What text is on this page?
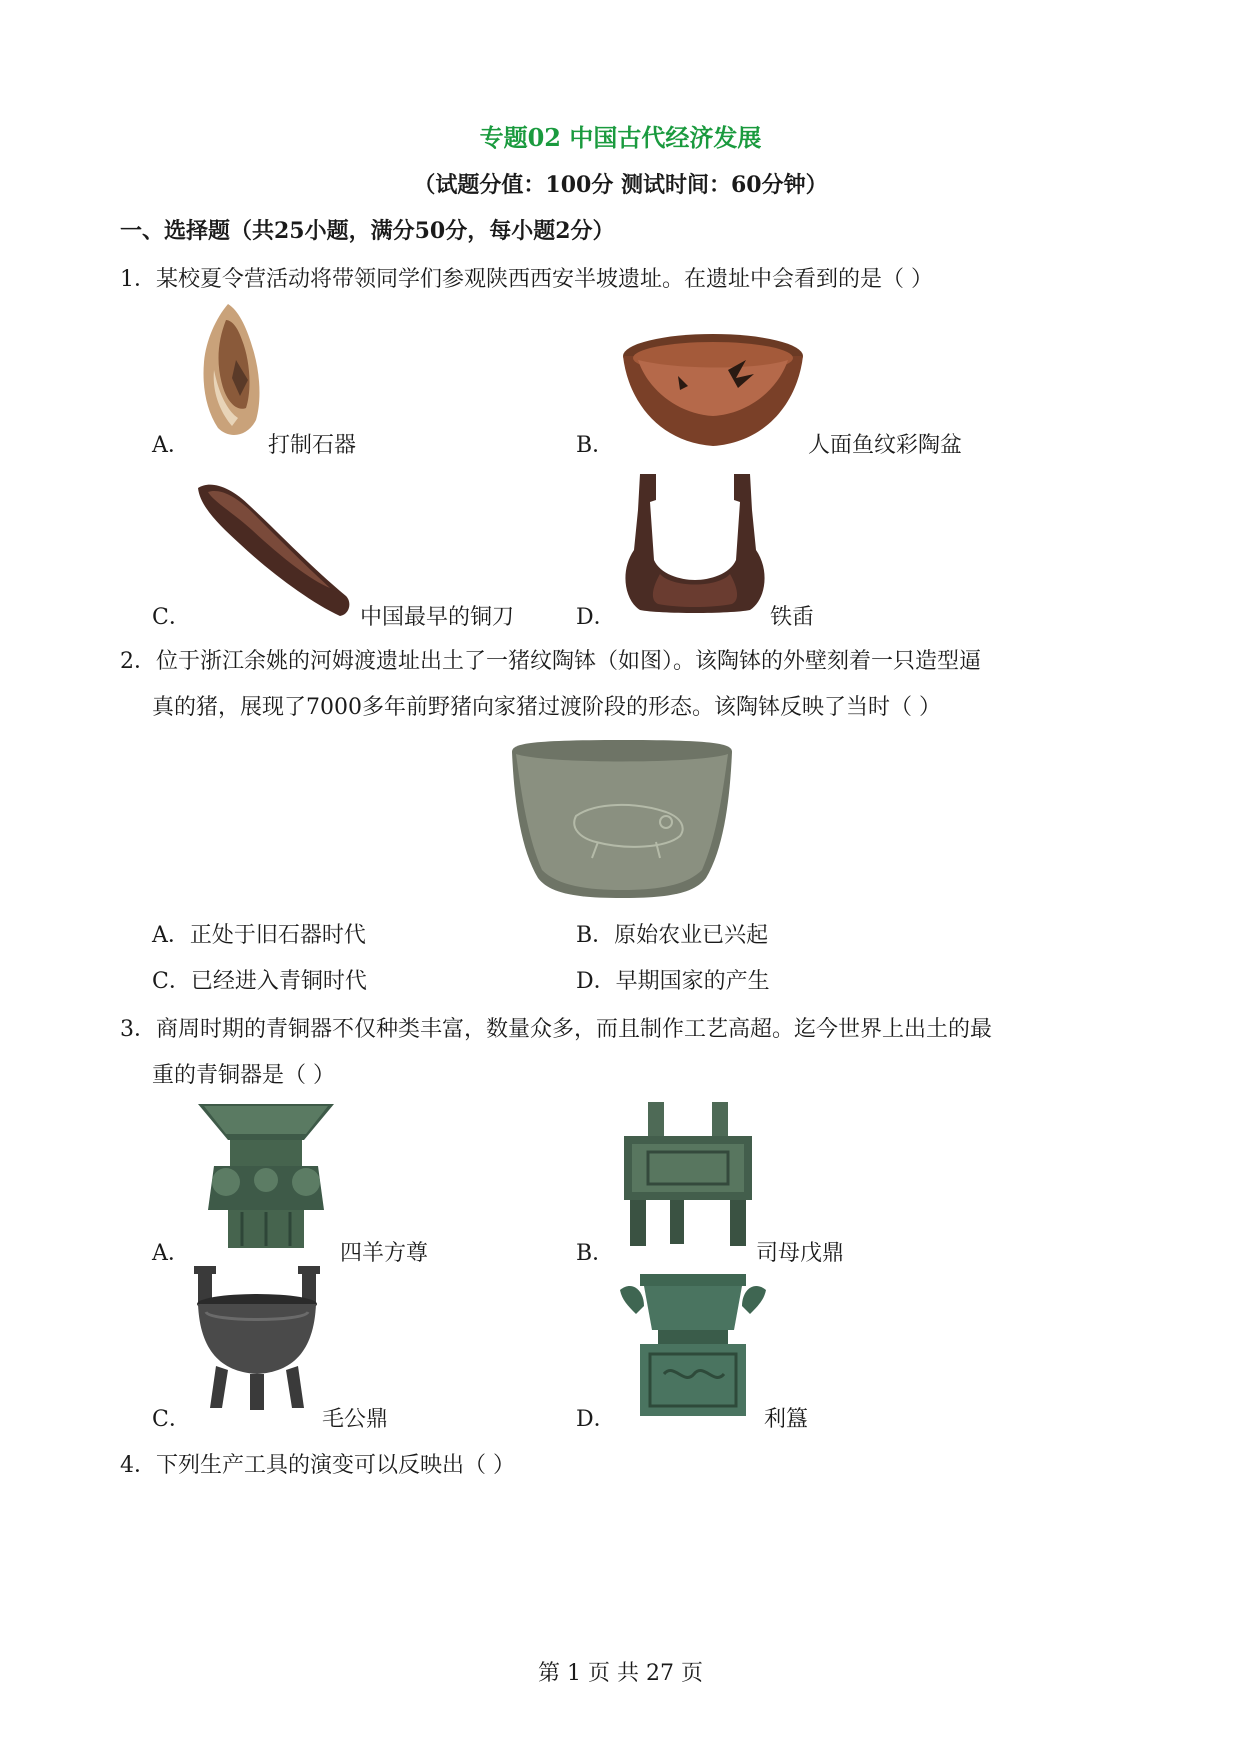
专题02 中国古代经济发展
（试题分值：100分 测试时间：60分钟）
一、选择题（共25小题，满分50分，每小题2分）
1．某校夏令营活动将带领同学们参观陕西西安半坡遗址。在遗址中会看到的是（ ）
A．	打制石器	B．	人面鱼纹彩陶盆
C．	中国最早的铜刀	D．	铁臿
2．位于浙江余姚的河姆渡遗址出土了一猪纹陶钵（如图）。该陶钵的外壁刻着一只造型逼
真的猪，展现了7000多年前野猪向家猪过渡阶段的形态。该陶钵反映了当时（ ）
A．正处于旧石器时代	B．原始农业已兴起
C．已经进入青铜时代	D．早期国家的产生
3．商周时期的青铜器不仅种类丰富，数量众多，而且制作工艺高超。迄今世界上出土的最
重的青铜器是（ ）
A．	四羊方尊	B．	司母戊鼎
C．	毛公鼎	D．	利簋
4．下列生产工具的演变可以反映出（ ）
第 1 页 共 27 页
